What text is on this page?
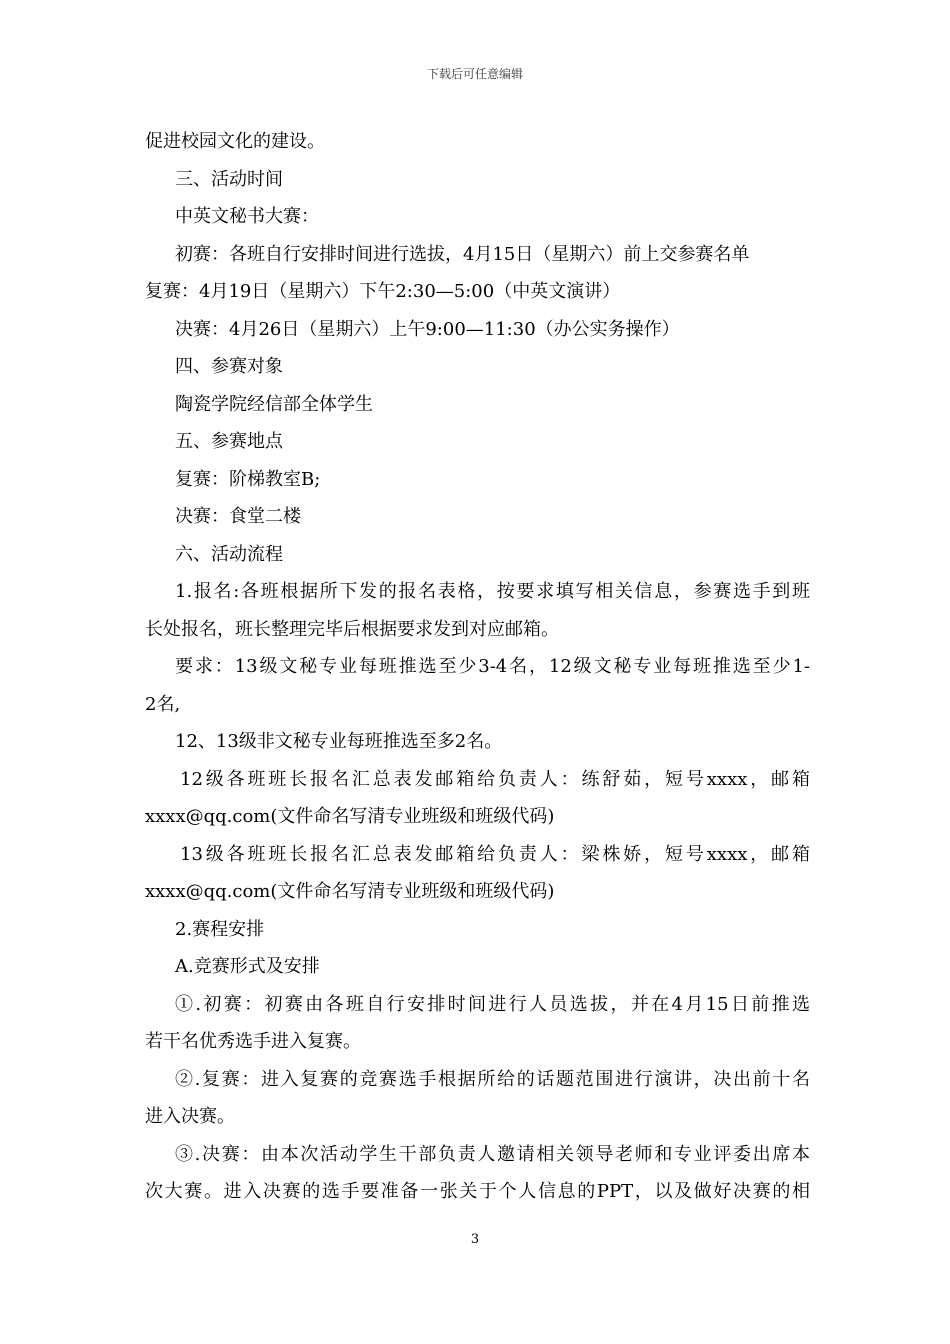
下载后可任意编辑
促进校园文化的建设。
三、活动时间
中英文秘书大赛：
初赛：各班自行安排时间进行选拔，4月15日（星期六）前上交参赛名单
复赛：4月19日（星期六）下午2:30—5:00（中英文演讲）
决赛：4月26日（星期六）上午9:00—11:30（办公实务操作）
四、参赛对象
陶瓷学院经信部全体学生
五、参赛地点
复赛：阶梯教室B;
决赛：食堂二楼
六、活动流程
1.报名:各班根据所下发的报名表格，按要求填写相关信息，参赛选手到班
长处报名，班长整理完毕后根据要求发到对应邮箱。
要求：13级文秘专业每班推选至少3-4名，12级文秘专业每班推选至少1-
2名,
12、13级非文秘专业每班推选至多2名。
12级各班班长报名汇总表发邮箱给负责人：练舒茹，短号xxxx，邮箱
xxxx@qq.com(文件命名写清专业班级和班级代码)
13级各班班长报名汇总表发邮箱给负责人：梁株娇，短号xxxx，邮箱
xxxx@qq.com(文件命名写清专业班级和班级代码)
2.赛程安排
A.竞赛形式及安排
①.初赛：初赛由各班自行安排时间进行人员选拔，并在4月15日前推选
若干名优秀选手进入复赛。
②.复赛：进入复赛的竞赛选手根据所给的话题范围进行演讲，决出前十名
进入决赛。
③.决赛：由本次活动学生干部负责人邀请相关领导老师和专业评委出席本
次大赛。进入决赛的选手要准备一张关于个人信息的PPT，以及做好决赛的相
3
